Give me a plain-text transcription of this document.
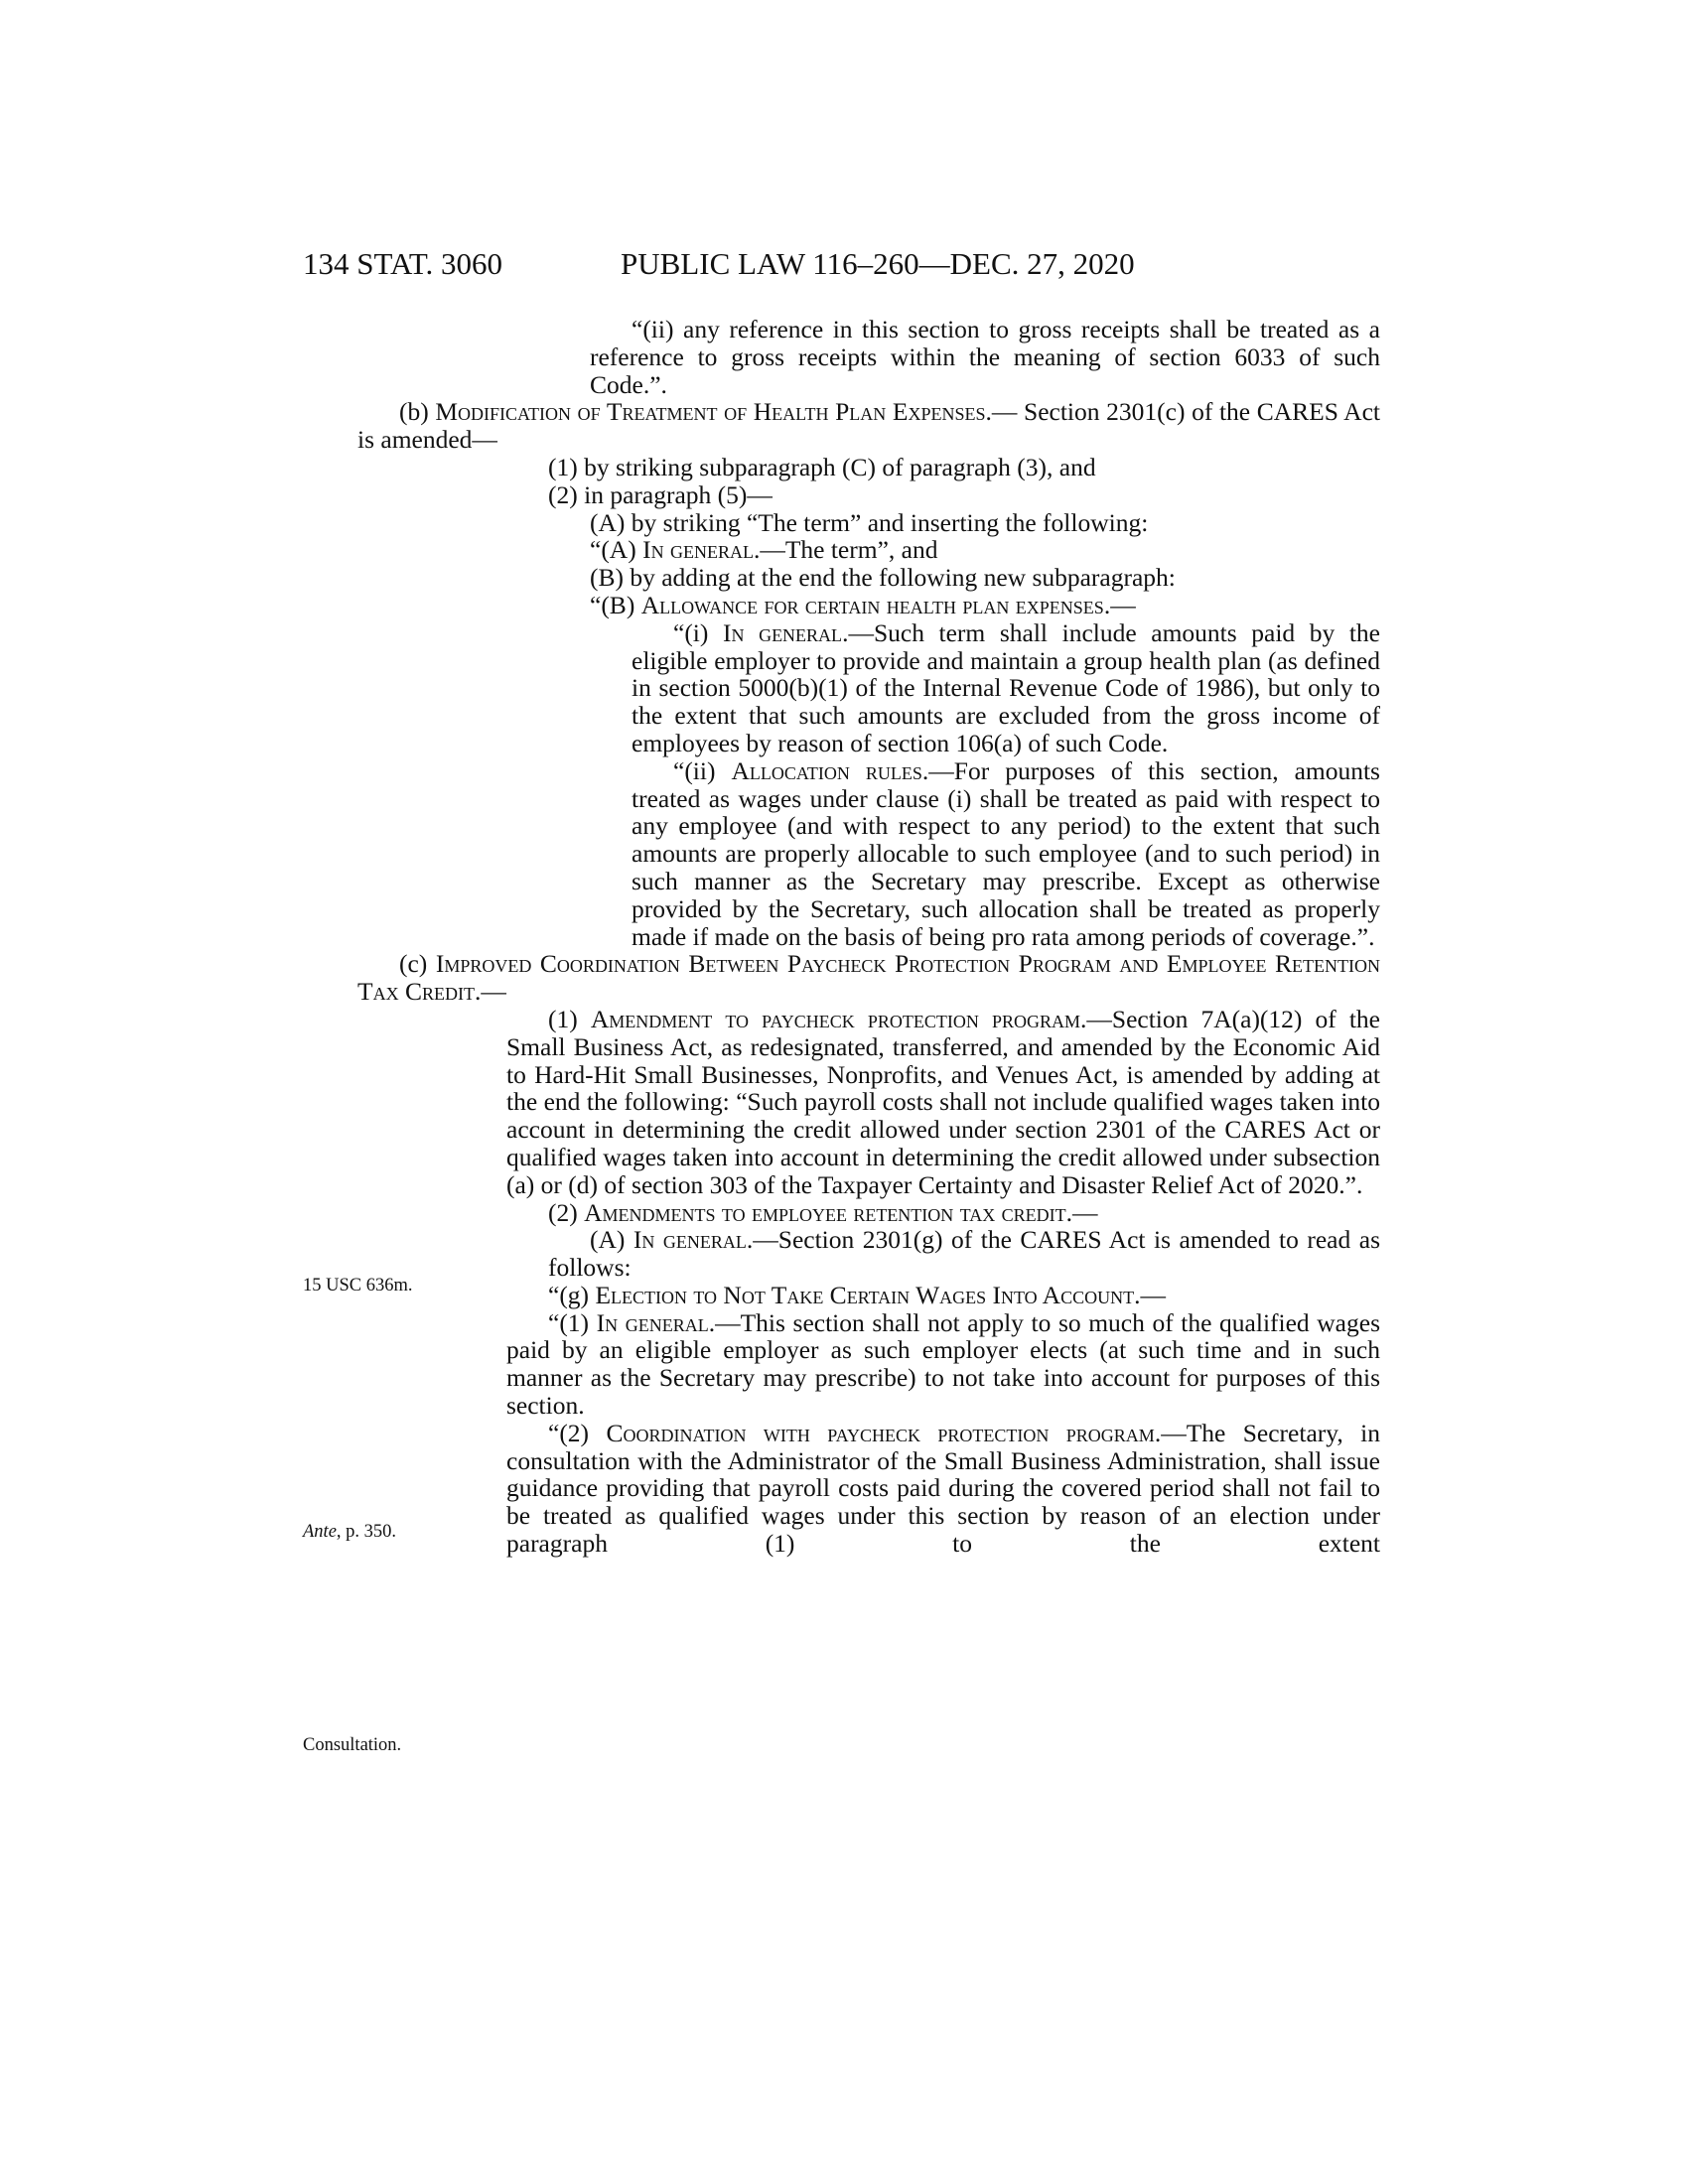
134 STAT. 3060	PUBLIC LAW 116–260—DEC. 27, 2020
15 USC 636m.
Ante, p. 350.
Consultation.

“(ii) any reference in this section to gross receipts shall be treated as a reference to gross receipts within the meaning of section 6033 of such Code.”.

(b) Modification of Treatment of Health Plan Expenses.— Section 2301(c) of the CARES Act is amended—

(1) by striking subparagraph (C) of paragraph (3), and

(2) in paragraph (5)—

(A) by striking “The term” and inserting the following:

“(A) In general.—The term”, and

(B) by adding at the end the following new subparagraph:

“(B) Allowance for certain health plan expenses.—

“(i) In general.—Such term shall include amounts paid by the eligible employer to provide and maintain a group health plan (as defined in section 5000(b)(1) of the Internal Revenue Code of 1986), but only to the extent that such amounts are excluded from the gross income of employees by reason of section 106(a) of such Code.

“(ii) Allocation rules.—For purposes of this section, amounts treated as wages under clause (i) shall be treated as paid with respect to any employee (and with respect to any period) to the extent that such amounts are properly allocable to such employee (and to such period) in such manner as the Secretary may prescribe. Except as otherwise provided by the Secretary, such allocation shall be treated as properly made if made on the basis of being pro rata among periods of coverage.”.

(c) Improved Coordination Between Paycheck Protection Program and Employee Retention Tax Credit.—

(1) Amendment to paycheck protection program.—Section 7A(a)(12) of the Small Business Act, as redesignated, transferred, and amended by the Economic Aid to Hard-Hit Small Businesses, Nonprofits, and Venues Act, is amended by adding at the end the following: “Such payroll costs shall not include qualified wages taken into account in determining the credit allowed under section 2301 of the CARES Act or qualified wages taken into account in determining the credit allowed under subsection (a) or (d) of section 303 of the Taxpayer Certainty and Disaster Relief Act of 2020.”.

(2) Amendments to employee retention tax credit.—

(A) In general.—Section 2301(g) of the CARES Act is amended to read as follows:

“(g) Election to Not Take Certain Wages Into Account.—

“(1) In general.—This section shall not apply to so much of the qualified wages paid by an eligible employer as such employer elects (at such time and in such manner as the Secretary may prescribe) to not take into account for purposes of this section.

“(2) Coordination with paycheck protection program.—The Secretary, in consultation with the Administrator of the Small Business Administration, shall issue guidance providing that payroll costs paid during the covered period shall not fail to be treated as qualified wages under this section by reason of an election under paragraph (1) to the extent
